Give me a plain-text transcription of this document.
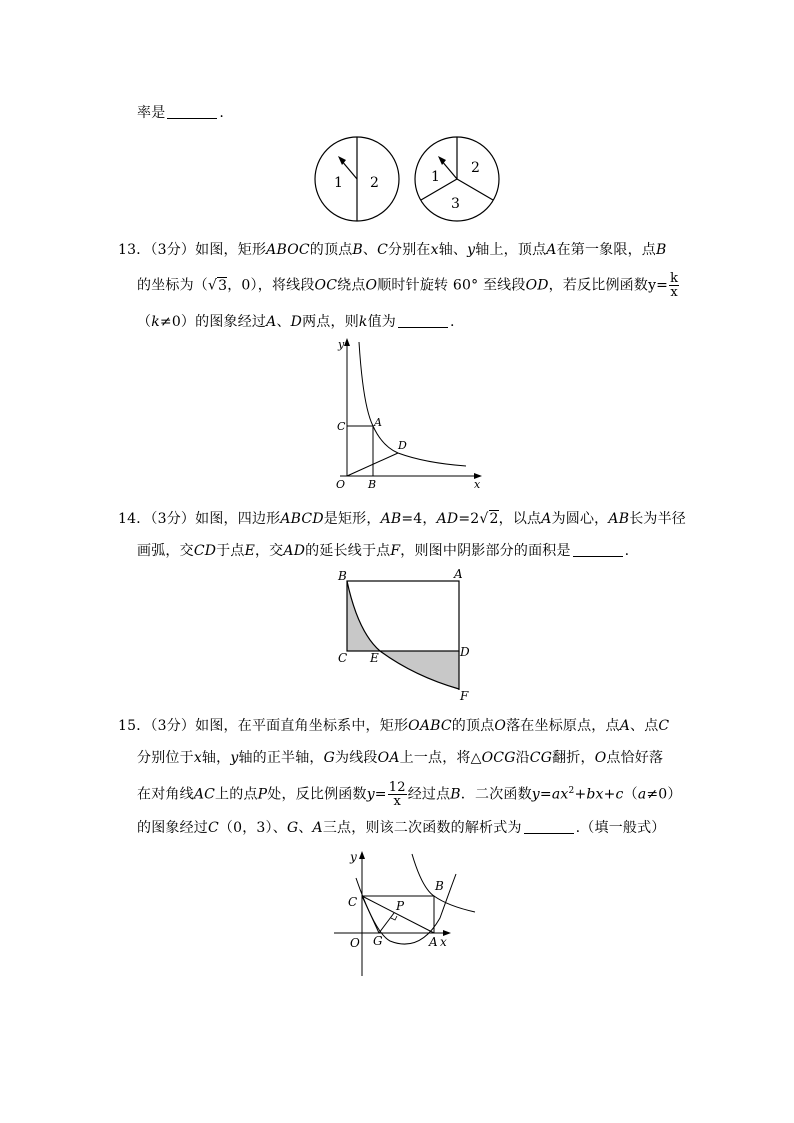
率是	.
1 2	1
2
3
13．（3分）如图，矩形ABOC的顶点B、C分别在x轴、y轴上，顶点A在第一象限，点B
的坐标为（√3，0），将线段OC绕点O顺时针旋转 60° 至线段OD，若反比例函数$y= \frac{k}{x}$
（k≠0）的图象经过A、D两点，则k值为	.
y
x
O B
C	A
D
14．（3分）如图，四边形ABCD是矩形，AB=4，AD=2√2，以点A为圆心，AB长为半径
画弧，交CD于点E，交AD的延长线于点F，则图中阴影部分的面积是	.
B	A
C E	D
F
15．（3分）如图，在平面直角坐标系中，矩形OABC的顶点O落在坐标原点，点A、点C
分别位于x轴，y轴的正半轴，G为线段OA上一点，将△OCG沿CG翻折，O点恰好落
在对角线AC上的点P处，反比例函数$y= \frac{12}{x}$ 经过点B．二次函数$y=ax^2+bx+c(a\ne 0)$
的图象经过C（0，3）、G、A三点，则该二次函数的解析式为	.（填一般式）
y
x
O
C
B
P
G	A
